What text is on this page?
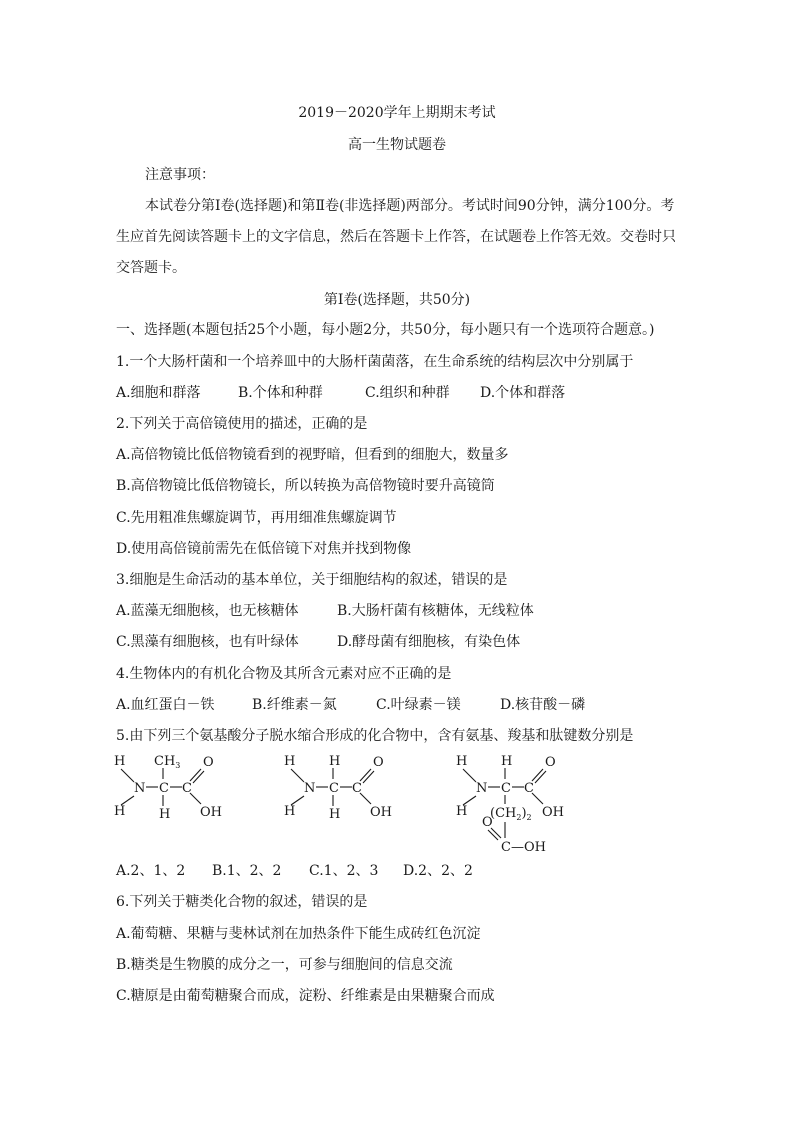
2019－2020学年上期期末考试
高一生物试题卷
注意事项：
本试卷分第Ⅰ卷(选择题)和第Ⅱ卷(非选择题)两部分。考试时间90分钟，满分100分。考
生应首先阅读答题卡上的文字信息，然后在答题卡上作答，在试题卷上作答无效。交卷时只
交答题卡。
第Ⅰ卷(选择题，共50分)
一、选择题(本题包括25个小题，每小题2分，共50分，每小题只有一个选项符合题意。)
1.一个大肠杆菌和一个培养皿中的大肠杆菌菌落，在生命系统的结构层次中分别属于
A.细胞和群落	B.个体和种群	C.组织和种群 D.个体和群落
2.下列关于高倍镜使用的描述，正确的是
A.高倍物镜比低倍物镜看到的视野暗，但看到的细胞大，数量多
B.高倍物镜比低倍物镜长，所以转换为高倍物镜时要升高镜筒
C.先用粗准焦螺旋调节，再用细准焦螺旋调节
D.使用高倍镜前需先在低倍镜下对焦并找到物像
3.细胞是生命活动的基本单位，关于细胞结构的叙述，错误的是
A.蓝藻无细胞核，也无核糖体	B.大肠杆菌有核糖体，无线粒体
C.黑藻有细胞核，也有叶绿体	D.酵母菌有细胞核，有染色体
4.生物体内的有机化合物及其所含元素对应不正确的是
A.血红蛋白－铁	B.纤维素－氮	C.叶绿素－镁	D.核苷酸－磷
5.由下列三个氨基酸分子脱水缩合形成的化合物中，含有氨基、羧基和肽键数分别是
H
N C C
H
$CH_3$
H
O
OH
H
N C C
H
H
H
O
OH
H
N C C
H
H
$(CH_2)_2$
O
OH
O
C—OH
A.2、1、2 B.1、2、2 C.1、2、3 D.2、2、2
6.下列关于糖类化合物的叙述，错误的是
A.葡萄糖、果糖与斐林试剂在加热条件下能生成砖红色沉淀
B.糖类是生物膜的成分之一，可参与细胞间的信息交流
C.糖原是由葡萄糖聚合而成，淀粉、纤维素是由果糖聚合而成
